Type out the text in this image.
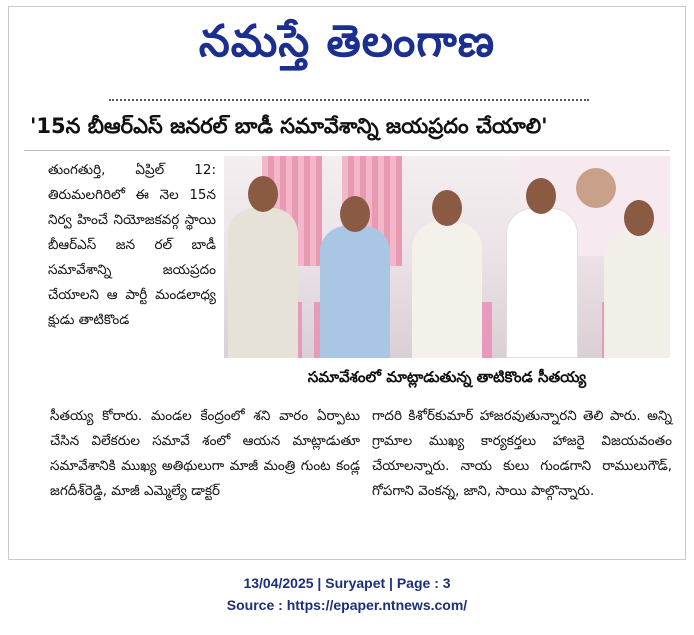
నమస్తే తెలంగాణ
'15న బీఆర్ఎస్ జనరల్ బాడీ సమావేశాన్ని జయప్రదం చేయాలి'
తుంగతుర్తి, ఏప్రిల్ 12: తిరుమలగిరిలో ఈ నెల 15న నిర్వ హించే నియోజకవర్గ స్థాయి బీఆర్ఎస్ జన రల్ బాడీ సమావేశాన్ని జయప్రదం చేయాలని ఆ పార్టీ మండలాధ్య క్షుడు తాటికొండ
సమావేశంలో మాట్లాడుతున్న తాటికొండ సీతయ్య
సీతయ్య కోరారు. మండల కేంద్రంలో శని వారం ఏర్పాటు చేసిన విలేకరుల సమావే శంలో ఆయన మాట్లాడుతూ సమావేశానికి ముఖ్య అతిథులుగా మాజీ మంత్రి గుంట కండ్ల జగదీశ్‌రెడ్డి, మాజీ ఎమ్మెల్యే డాక్టర్
గాదరి కిశోర్‌కుమార్ హాజరవుతున్నారని తెలి పారు. అన్ని గ్రామాల ముఖ్య కార్యకర్తలు హాజరై విజయవంతం చేయాలన్నారు. నాయ కులు గుండగాని రాములుగౌడ్, గోపగాని వెంకన్న, జాని, సాయి పాల్గొన్నారు.
13/04/2025 | Suryapet | Page : 3
Source : https://epaper.ntnews.com/
